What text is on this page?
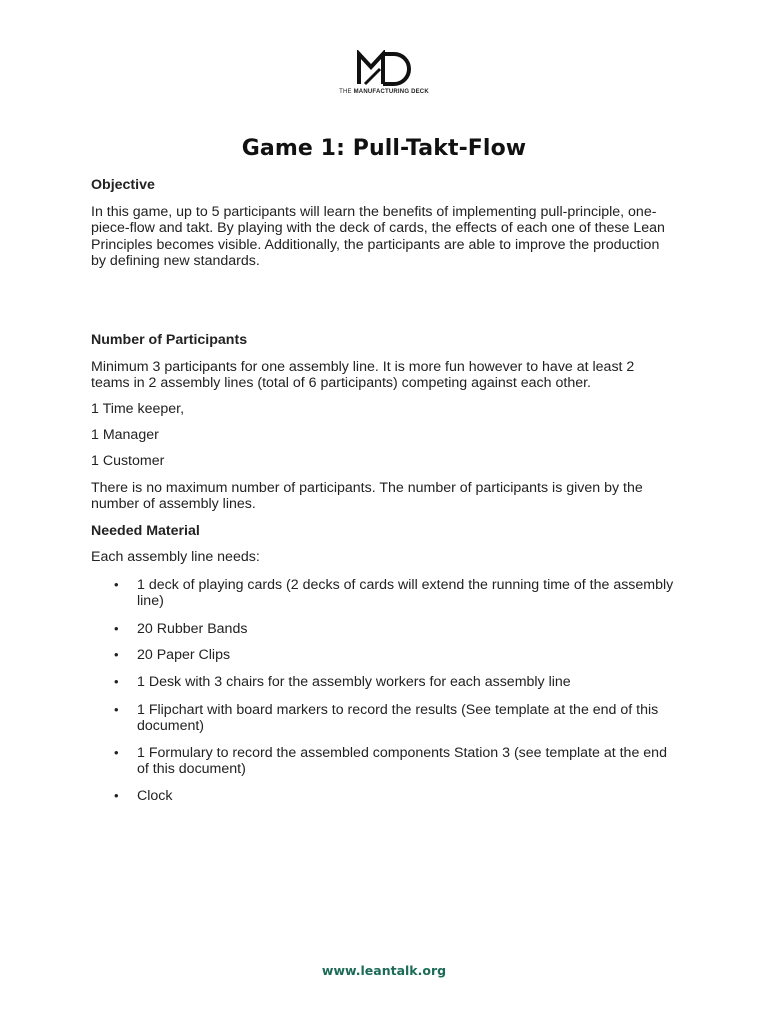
THE MANUFACTURING DECK
Game 1: Pull-Takt-Flow
Objective
In this game, up to 5 participants will learn the benefits of implementing pull-principle, one-piece-flow and takt. By playing with the deck of cards, the effects of each one of these Lean Principles becomes visible. Additionally, the participants are able to improve the production by defining new standards.
Number of Participants
Minimum 3 participants for one assembly line. It is more fun however to have at least 2 teams in 2 assembly lines (total of 6 participants) competing against each other.
1 Time keeper,
1 Manager
1 Customer
There is no maximum number of participants. The number of participants is given by the number of assembly lines.
Needed Material
Each assembly line needs:
• 1 deck of playing cards (2 decks of cards will extend the running time of the assembly line)
• 20 Rubber Bands
• 20 Paper Clips
• 1 Desk with 3 chairs for the assembly workers for each assembly line
• 1 Flipchart with board markers to record the results (See template at the end of this document)
• 1 Formulary to record the assembled components Station 3 (see template at the end of this document)
• Clock
www.leantalk.org
